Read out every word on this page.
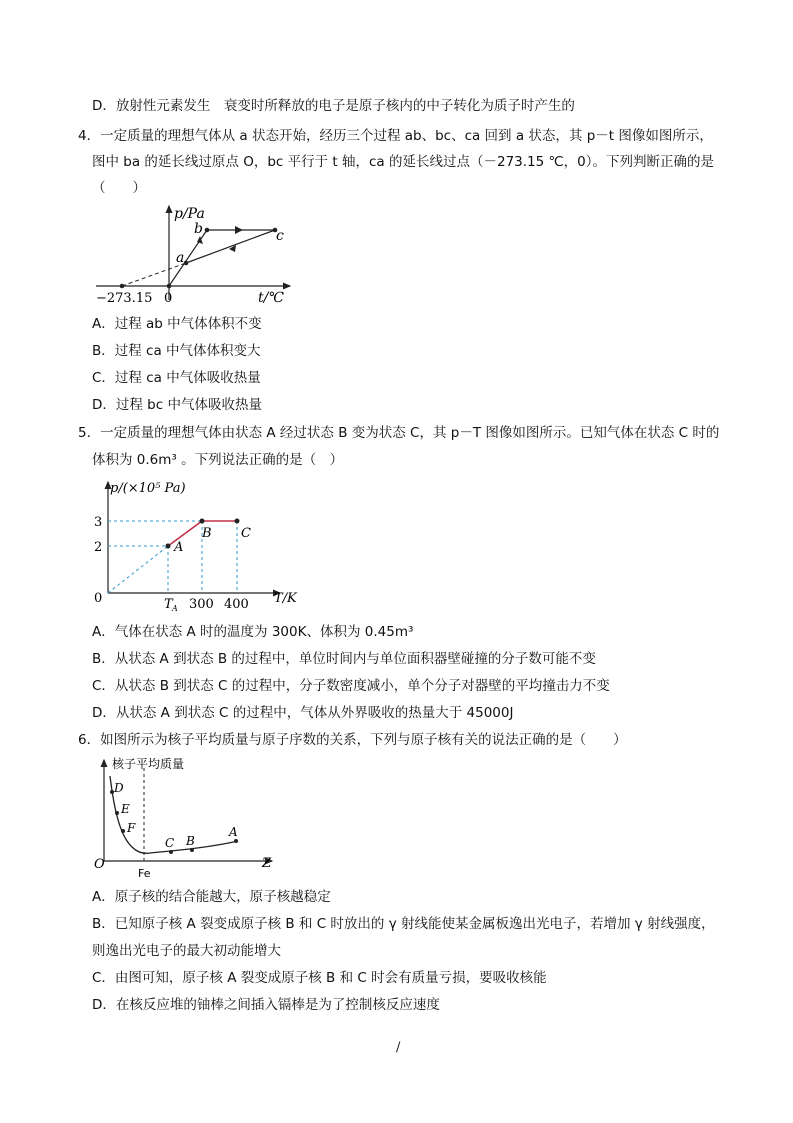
D．放射性元素发生　衰变时所释放的电子是原子核内的中子转化为质子时产生的
4．一定质量的理想气体从 a 状态开始，经历三个过程 ab、bc、ca 回到 a 状态，其 p－t 图像如图所示，
图中 ba 的延长线过原点 O，bc 平行于 t 轴，ca 的延长线过点（－273.15 ℃，0）。下列判断正确的是
（　　）
p/Pa
t/℃
−273.15 0
a
b	c
A．过程 ab 中气体体积不变
B．过程 ca 中气体体积变大
C．过程 ca 中气体吸收热量
D．过程 bc 中气体吸收热量
5．一定质量的理想气体由状态 A 经过状态 B 变为状态 C，其 p－T 图像如图所示。已知气体在状态 C 时的
体积为 0.6m³ 。下列说法正确的是（　）
p/(×10⁵ Pa)
T/K
3
2
0	T A 300 400
A
B C
A．气体在状态 A 时的温度为 300K、体积为 0.45m³
B．从状态 A 到状态 B 的过程中，单位时间内与单位面积器壁碰撞的分子数可能不变
C．从状态 B 到状态 C 的过程中，分子数密度减小，单个分子对器壁的平均撞击力不变
D．从状态 A 到状态 C 的过程中，气体从外界吸收的热量大于 45000J
6．如图所示为核子平均质量与原子序数的关系，下列与原子核有关的说法正确的是（　　）
核子平均质量
Z
O
Fe
D
E
F
C B
A
A．原子核的结合能越大，原子核越稳定
B．已知原子核 A 裂变成原子核 B 和 C 时放出的 γ 射线能使某金属板逸出光电子，若增加 γ 射线强度，
则逸出光电子的最大初动能增大
C．由图可知，原子核 A 裂变成原子核 B 和 C 时会有质量亏损，要吸收核能
D．在核反应堆的铀棒之间插入镉棒是为了控制核反应速度
/
